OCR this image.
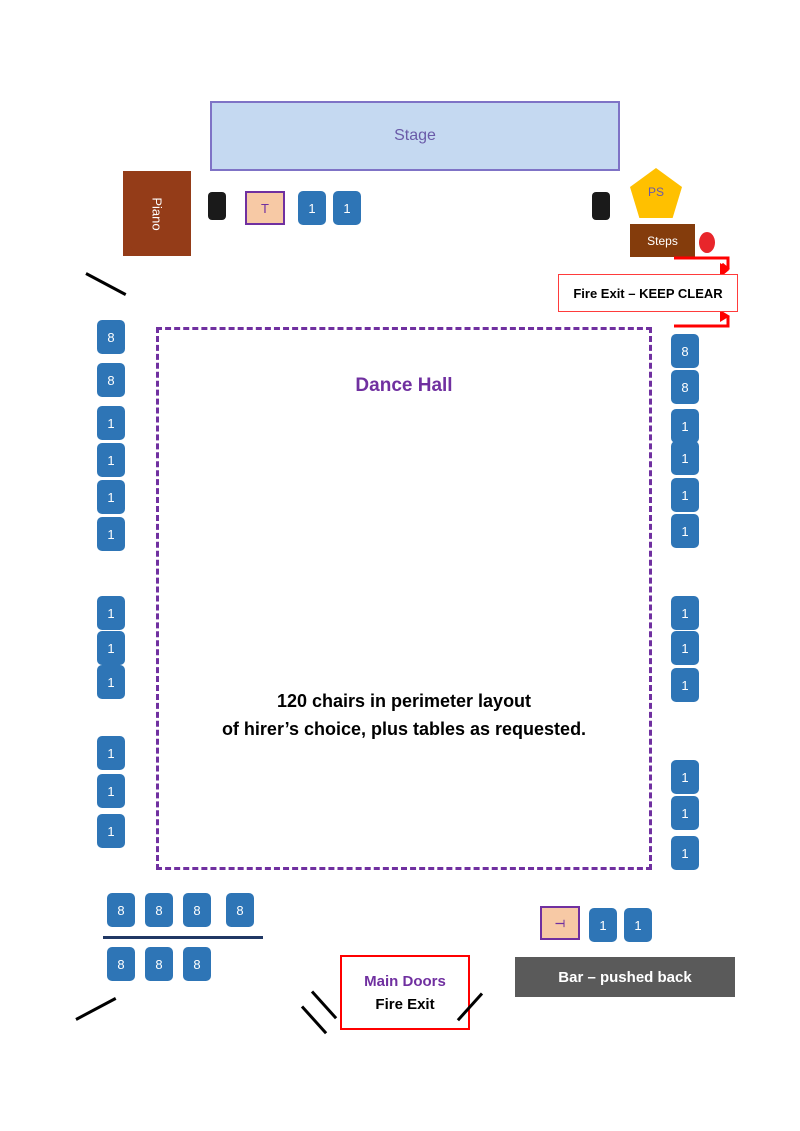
Stage
Piano	T	1 1
PS
Steps
Fire Exit – KEEP CLEAR
Dance Hall
120 chairs in perimeter layout
of hirer’s choice, plus tables as requested.
8
8
1
1
1
1
1
1
1
1
1
1
8
8
1
1
1
1
1
1
1
1
1
1
8 8 8	8
8 8 8
T 1 1
Bar – pushed back
Main Doors
Fire Exit
